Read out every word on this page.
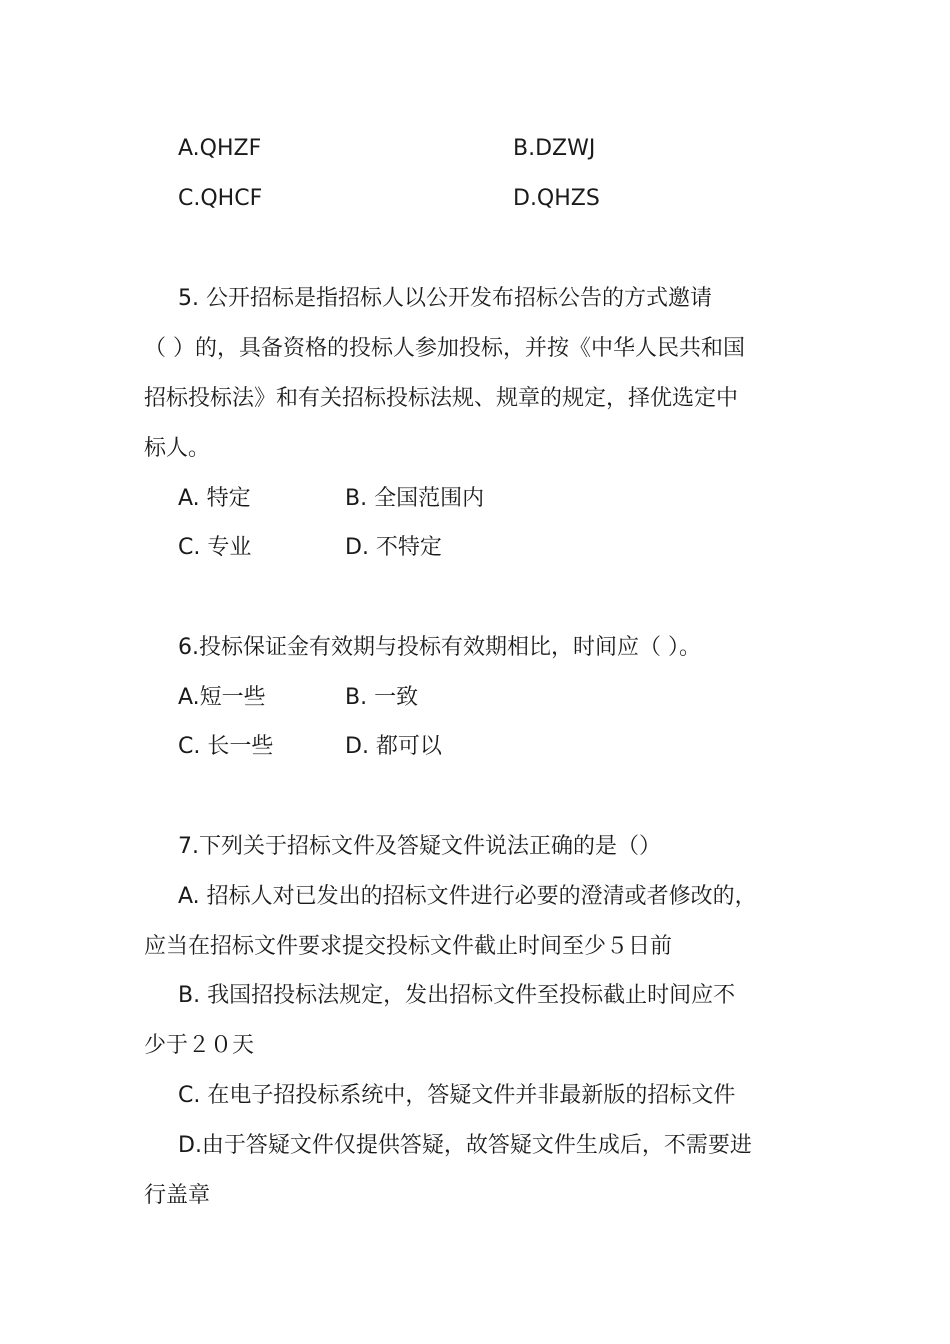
A.QHZF	B.DZWJ
C.QHCF	D.QHZS
5. 公开招标是指招标人以公开发布招标公告的方式邀请
（ ）的，具备资格的投标人参加投标，并按《中华人民共和国
招标投标法》和有关招标投标法规、规章的规定，择优选定中
标人。
A. 特定	B. 全国范围内
C. 专业	D. 不特定
6.投标保证金有效期与投标有效期相比，时间应（ ）。
A.短一些	B. 一致
C. 长一些	D. 都可以
7.下列关于招标文件及答疑文件说法正确的是（）
A. 招标人对已发出的招标文件进行必要的澄清或者修改的，
应当在招标文件要求提交投标文件截止时间至少５日前
B. 我国招投标法规定，发出招标文件至投标截止时间应不
少于２０天
C. 在电子招投标系统中，答疑文件并非最新版的招标文件
D.由于答疑文件仅提供答疑，故答疑文件生成后，不需要进
行盖章
